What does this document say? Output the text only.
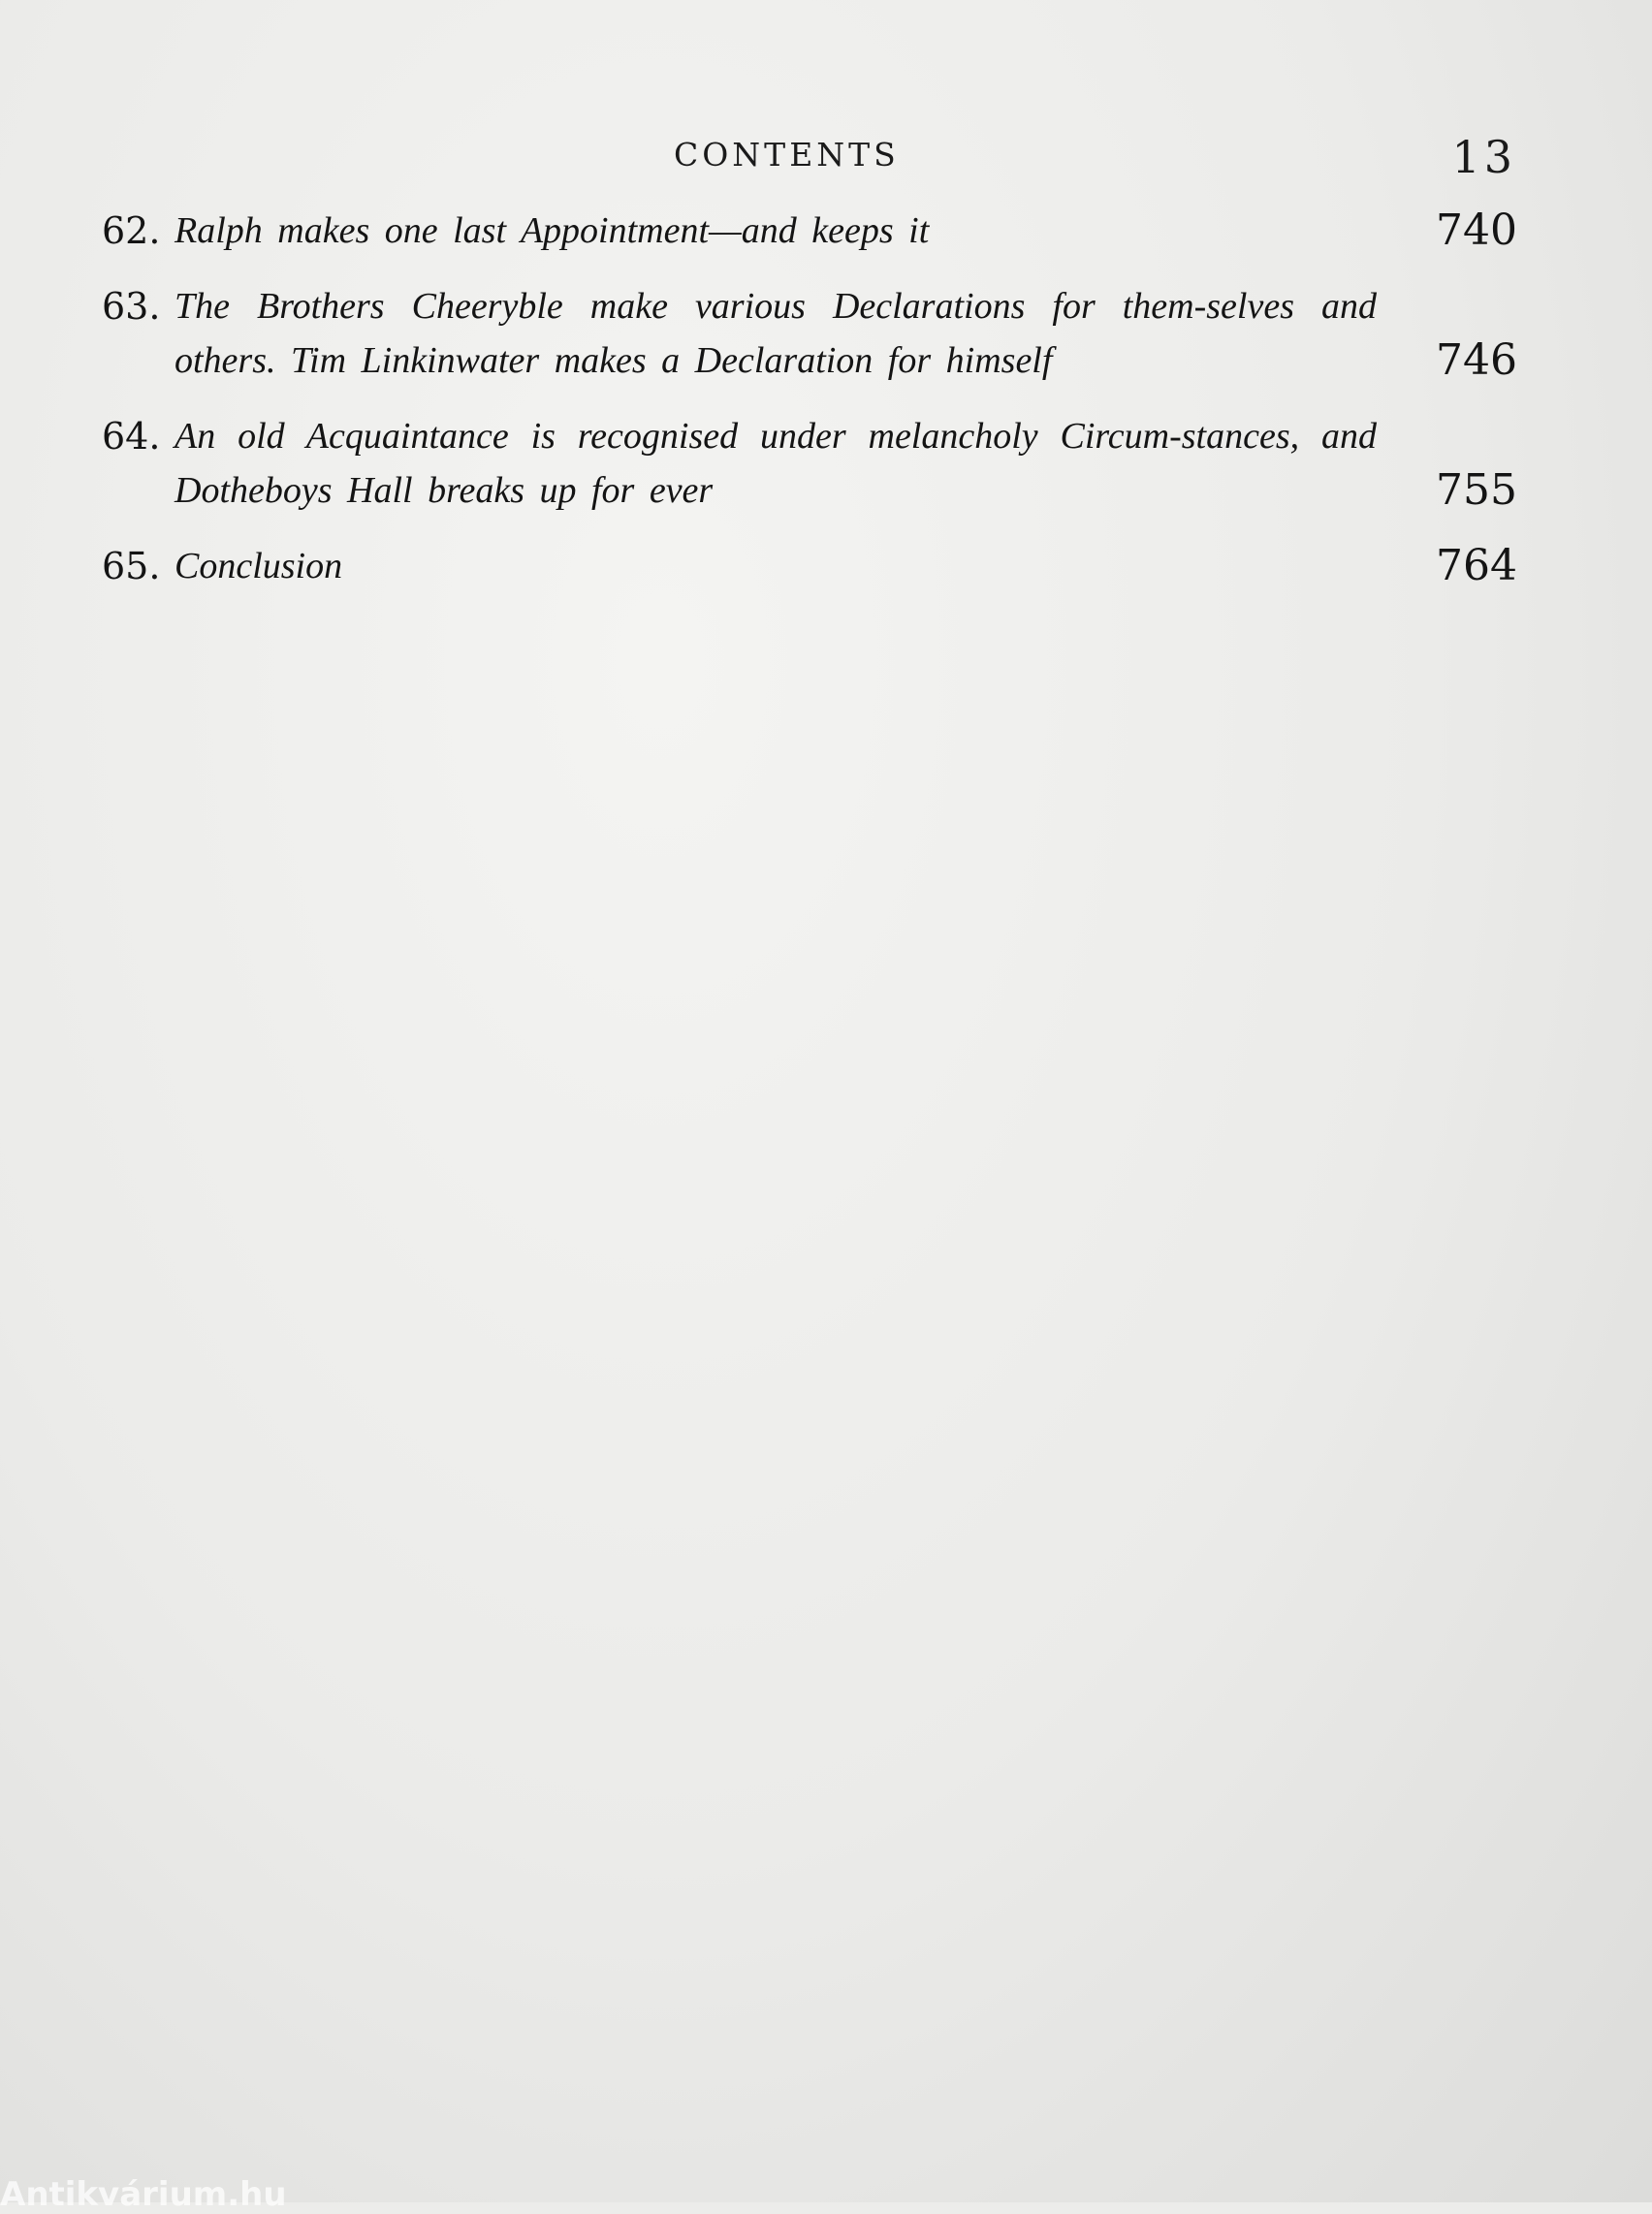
CONTENTS	13
62. Ralph makes one last Appointment—and keeps it	740
63. The Brothers Cheeryble make various Declarations for them-selves and others. Tim Linkinwater makes a Declaration for himself	746
64. An old Acquaintance is recognised under melancholy Circum-stances, and Dotheboys Hall breaks up for ever	755
65. Conclusion	764
Antikvárium.hu
